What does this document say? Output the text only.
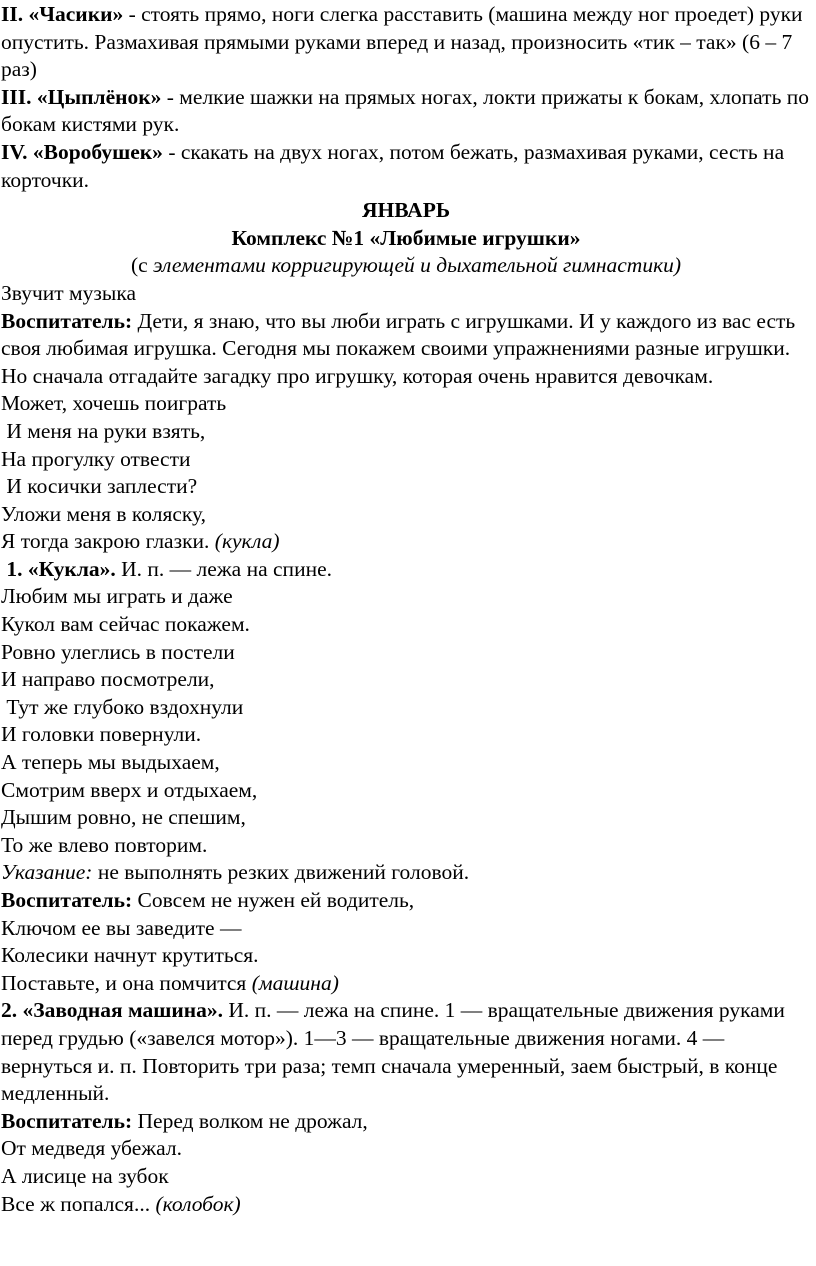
II. «Часики» - стоять прямо, ноги слегка расставить (машина между ног проедет) руки опустить. Размахивая прямыми руками вперед и назад, произносить «тик – так» (6 – 7 раз)

III. «Цыплёнок» - мелкие шажки на прямых ногах, локти прижаты к бокам, хлопать по бокам кистями рук.

IV. «Воробушек» - скакать на двух ногах, потом бежать, размахивая руками, сесть на корточки.

ЯНВАРЬ

Комплекс №1 «Любимые игрушки»

(с элементами корригирующей и дыхательной гимнастики)

Звучит музыка

Воспитатель: Дети, я знаю, что вы люби играть с игрушками. И у каждого из вас есть своя любимая игрушка. Сегодня мы покажем своими упражнениями разные игрушки. Но сначала отгадайте загадку про игрушку, которая очень нравится девочкам.

Может, хочешь поиграть

И меня на руки взять,

На прогулку отвести

И косички заплести?

Уложи меня в коляску,

Я тогда закрою глазки. (кукла)

1. «Кукла». И. п. — лежа на спине.

Любим мы играть и даже

Кукол вам сейчас покажем.

Ровно улеглись в постели

И направо посмотрели,

Тут же глубоко вздохнули

И головки повернули.

А теперь мы выдыхаем,

Смотрим вверх и отдыхаем,

Дышим ровно, не спешим,

То же влево повторим.

Указание: не выполнять резких движений головой.

Воспитатель: Совсем не нужен ей водитель,

Ключом ее вы заведите —

Колесики начнут крутиться.

Поставьте, и она помчится (машина)

2. «Заводная машина». И. п. — лежа на спине. 1 — вращательные движения руками перед грудью («завелся мотор»). 1—3 — вращательные движения ногами. 4 — вернуться и. п. Повторить три раза; темп сначала умеренный, заем быстрый, в конце медленный.

Воспитатель: Перед волком не дрожал,

От медведя убежал.

А лисице на зубок

Все ж попался... (колобок)
